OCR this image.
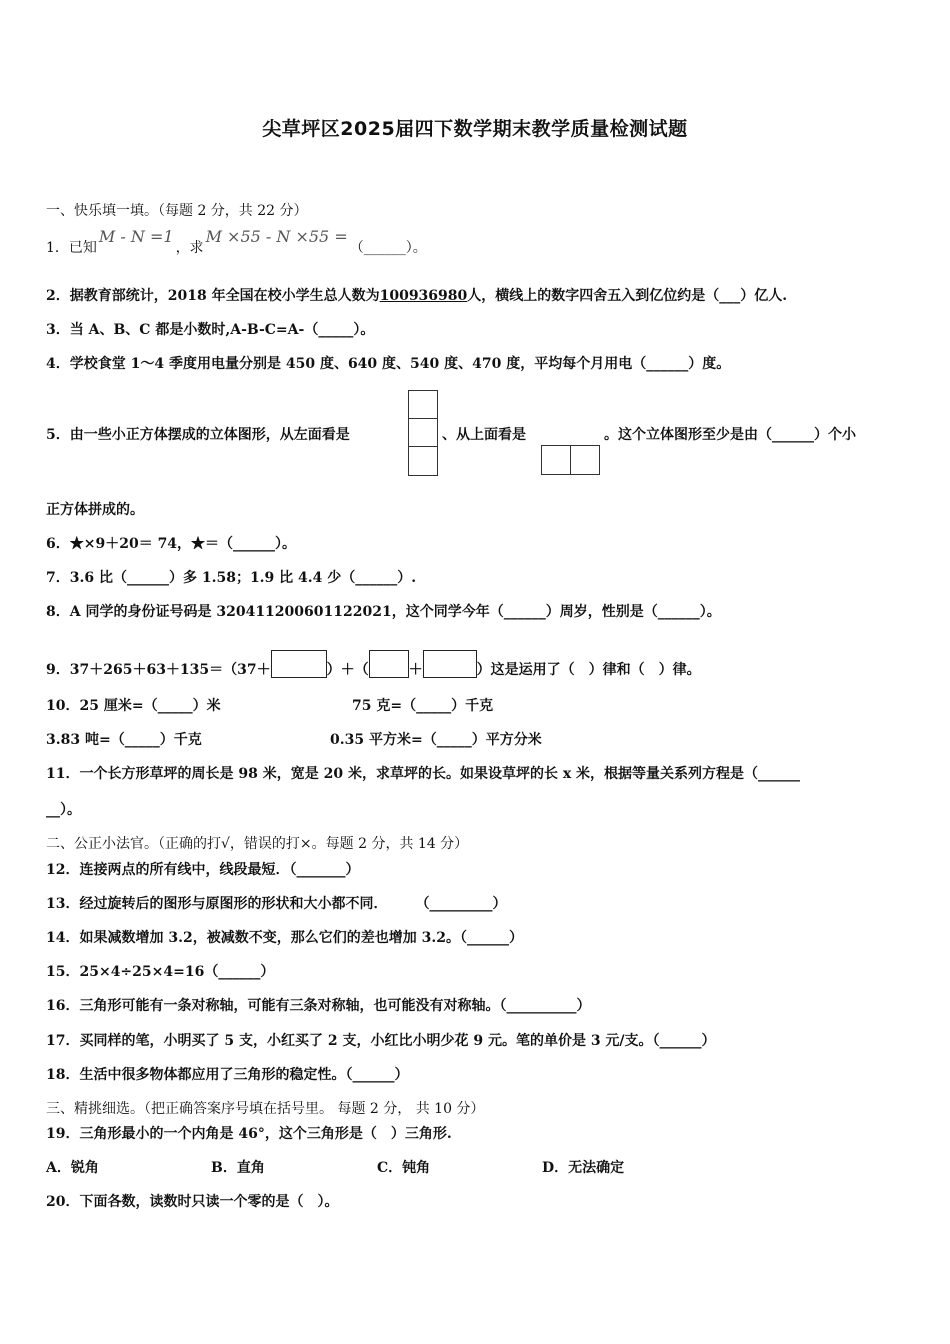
尖草坪区2025届四下数学期末教学质量检测试题
一、快乐填一填。（每题 2 分，共 22 分）
1．已知M - N =1，求M ×55 - N ×55 =（______）。
2．据教育部统计，2018 年全国在校小学生总人数为100936980人，横线上的数字四舍五入到亿位约是（___）亿人.
3．当 A、B、C 都是小数时,A-B-C=A-（_____）。
4．学校食堂 1～4 季度用电量分别是 450 度、640 度、540 度、470 度，平均每个月用电（______）度。
5．由一些小正方体摆成的立体图形，从左面看是	、从上面看是	。这个立体图形至少是由（______）个小
正方体拼成的。
6．★×9＋20＝ 74，★＝（______）。
7．3.6 比（______）多 1.58；1.9 比 4.4 少（______）.
8．A 同学的身份证号码是 320411200601122021，这个同学今年（______）周岁，性别是（______）。
9．37＋265＋63＋135＝（37＋	）＋（	＋	）这是运用了（　）律和（　）律。
10．25 厘米=（_____）米	75 克=（_____）千克
3.83 吨=（_____）千克	0.35 平方米=（_____）平方分米
11．一个长方形草坪的周长是 98 米，宽是 20 米，求草坪的长。如果设草坪的长 x 米，根据等量关系列方程是（______
__）。
二、公正小法官。（正确的打√，错误的打×。每题 2 分，共 14 分）
12．连接两点的所有线中，线段最短．（_______）
13．经过旋转后的图形与原图形的形状和大小都不同．　　　（_________）
14．如果减数增加 3.2，被减数不变，那么它们的差也增加 3.2。（______）
15．25×4÷25×4=16（______）
16．三角形可能有一条对称轴，可能有三条对称轴，也可能没有对称轴。（__________）
17．买同样的笔，小明买了 5 支，小红买了 2 支，小红比小明少花 9 元。笔的单价是 3 元/支。（______）
18．生活中很多物体都应用了三角形的稳定性。（______）
三、精挑细选。（把正确答案序号填在括号里。 每题 2 分， 共 10 分）
19．三角形最小的一个内角是 46°，这个三角形是（　）三角形.
A．锐角	B．直角	C．钝角	D．无法确定
20．下面各数，读数时只读一个零的是（　）。
